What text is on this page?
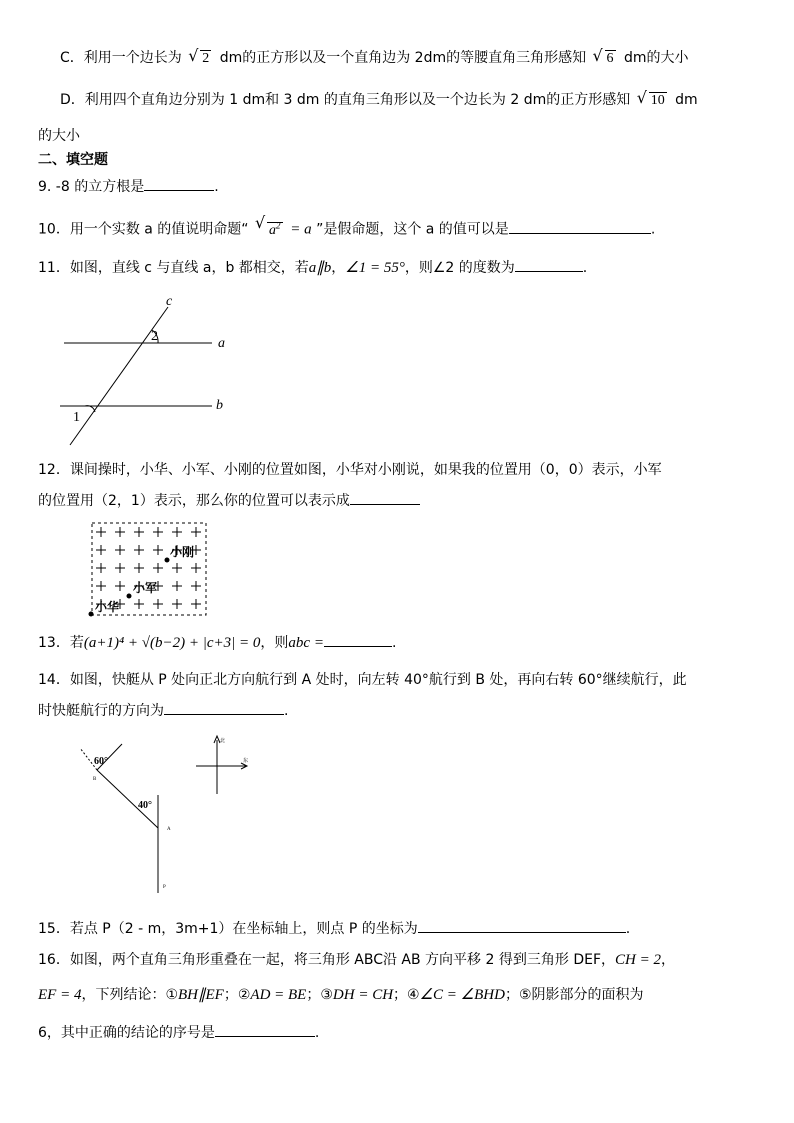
C．利用一个边长为 √ 2 dm的正方形以及一个直角边为 2dm的等腰直角三角形感知 √ 6 dm的大小
D．利用四个直角边分别为 1 dm和 3 dm 的直角三角形以及一个边长为 2 dm的正方形感知 √ 10 dm
的大小
二、填空题
9. -8 的立方根是	.
10．用一个实数 a 的值说明命题“ √ $a^2 = a$ ”是假命题，这个 a 的值可以是	.
11．如图，直线 c 与直线 a，b 都相交，若a∥b，∠1 = 55°，则∠2 的度数为	.
c
a
b
2
1
12．课间操时，小华、小军、小刚的位置如图，小华对小刚说，如果我的位置用（0，0）表示，小军
的位置用（2，1）表示，那么你的位置可以表示成
小华
小军
小刚
13．若(a+1)⁴ + √(b−2) + |c+3| = 0，则abc =	.
14．如图，快艇从 P 处向正北方向航行到 A 处时，向左转 40°航行到 B 处，再向右转 60°继续航行，此
时快艇航行的方向为	.
60°
40°
B
A
P
北
东
15．若点 P（2 - m，3m+1）在坐标轴上，则点 P 的坐标为	.
16．如图，两个直角三角形重叠在一起，将三角形 ABC沿 AB 方向平移 2 得到三角形 DEF，CH = 2，
EF = 4，下列结论：①BH∥EF；②AD = BE；③DH = CH；④∠C = ∠BHD；⑤阴影部分的面积为
6，其中正确的结论的序号是	.
